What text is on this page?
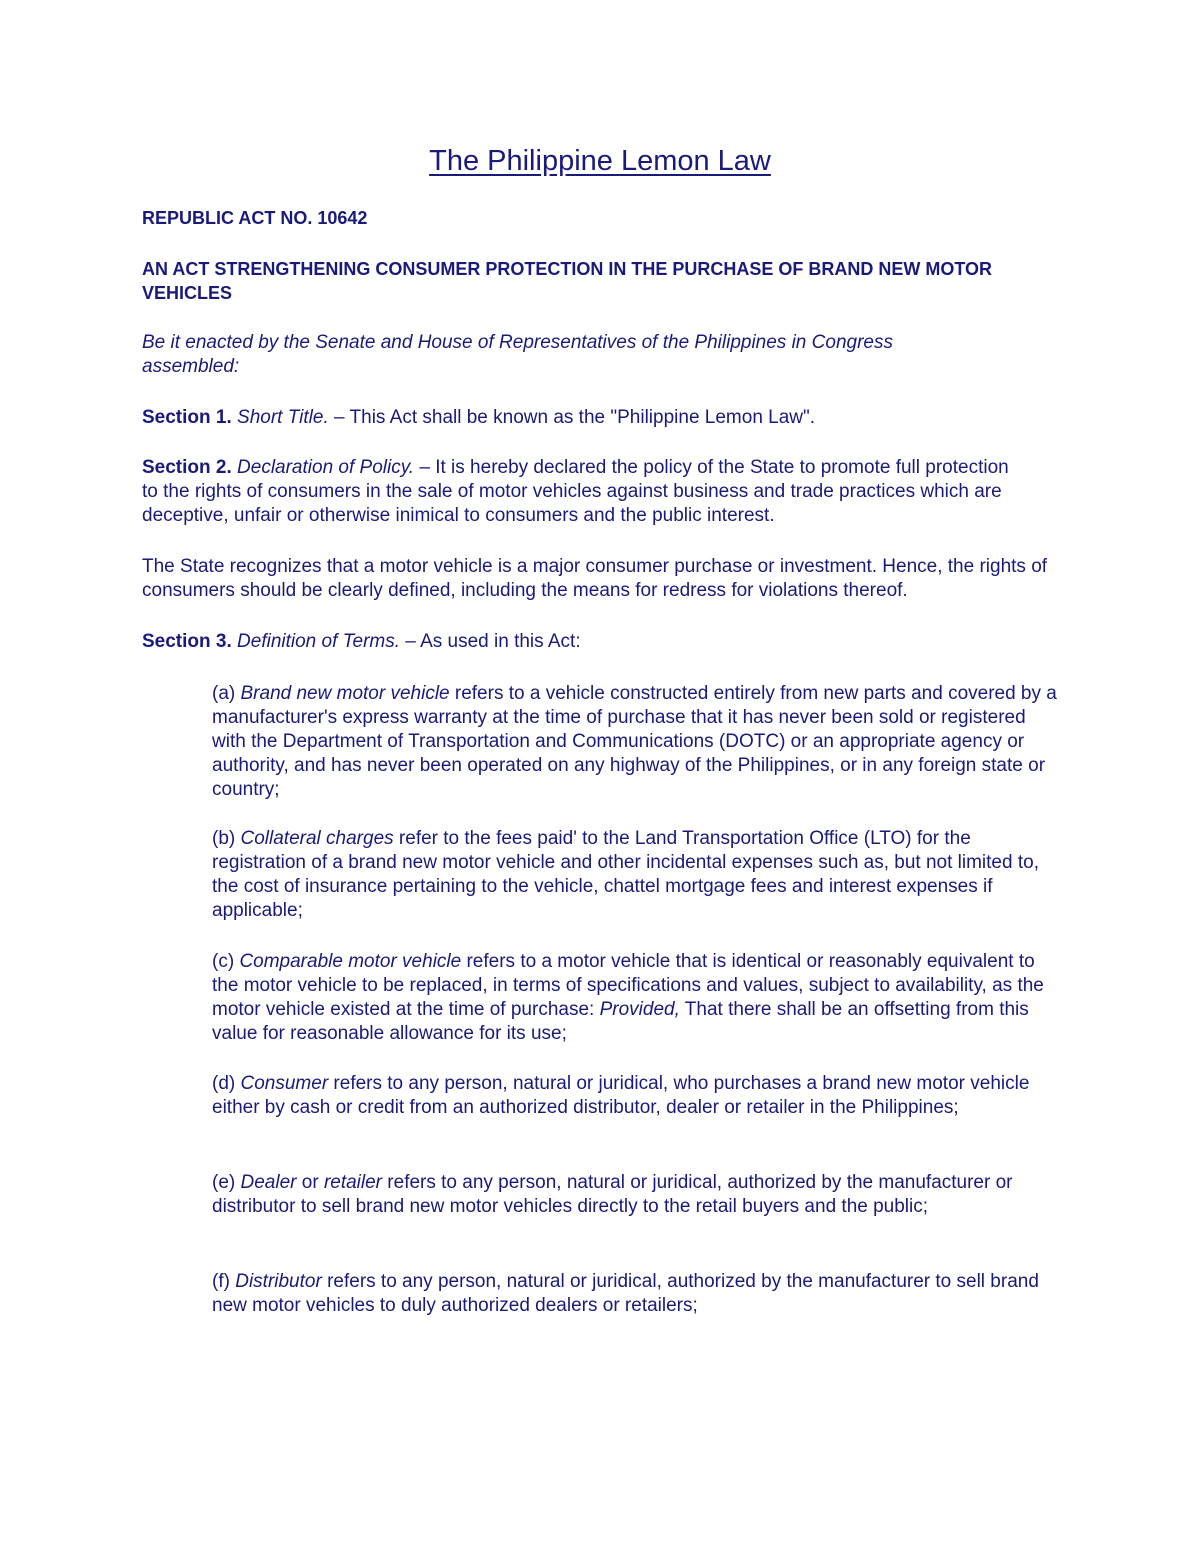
The Philippine Lemon Law
REPUBLIC ACT NO. 10642
AN ACT STRENGTHENING CONSUMER PROTECTION IN THE PURCHASE OF BRAND NEW MOTOR VEHICLES
Be it enacted by the Senate and House of Representatives of the Philippines in Congress assembled:
Section 1. Short Title. – This Act shall be known as the "Philippine Lemon Law".
Section 2. Declaration of Policy. – It is hereby declared the policy of the State to promote full protection to the rights of consumers in the sale of motor vehicles against business and trade practices which are deceptive, unfair or otherwise inimical to consumers and the public interest.
The State recognizes that a motor vehicle is a major consumer purchase or investment. Hence, the rights of consumers should be clearly defined, including the means for redress for violations thereof.
Section 3. Definition of Terms. – As used in this Act:
(a) Brand new motor vehicle refers to a vehicle constructed entirely from new parts and covered by a manufacturer's express warranty at the time of purchase that it has never been sold or registered with the Department of Transportation and Communications (DOTC) or an appropriate agency or authority, and has never been operated on any highway of the Philippines, or in any foreign state or country;
(b) Collateral charges refer to the fees paid' to the Land Transportation Office (LTO) for the registration of a brand new motor vehicle and other incidental expenses such as, but not limited to, the cost of insurance pertaining to the vehicle, chattel mortgage fees and interest expenses if applicable;
(c) Comparable motor vehicle refers to a motor vehicle that is identical or reasonably equivalent to the motor vehicle to be replaced, in terms of specifications and values, subject to availability, as the motor vehicle existed at the time of purchase: Provided, That there shall be an offsetting from this value for reasonable allowance for its use;
(d) Consumer refers to any person, natural or juridical, who purchases a brand new motor vehicle either by cash or credit from an authorized distributor, dealer or retailer in the Philippines;
(e) Dealer or retailer refers to any person, natural or juridical, authorized by the manufacturer or distributor to sell brand new motor vehicles directly to the retail buyers and the public;
(f) Distributor refers to any person, natural or juridical, authorized by the manufacturer to sell brand new motor vehicles to duly authorized dealers or retailers;
